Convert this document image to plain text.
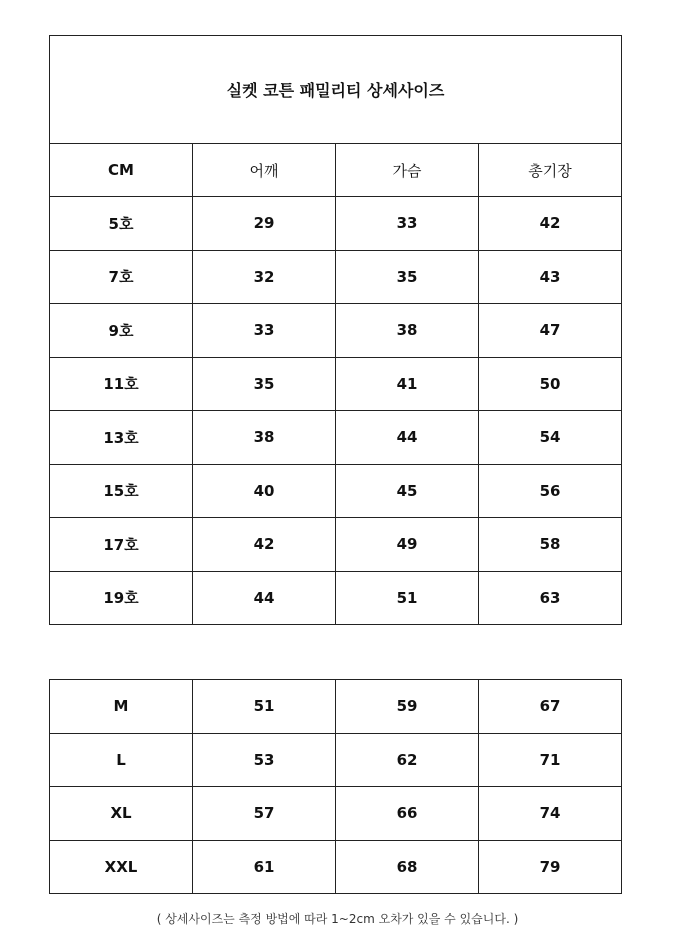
실켓 코튼 패밀리티 상세사이즈			
CM	어깨	가슴	총기장
5호	29	33	42
7호	32	35	43
9호	33	38	47
11호	35	41	50
13호	38	44	54
15호	40	45	56
17호	42	49	58
19호	44	51	63
M	51	59	67
L	53	62	71
XL	57	66	74
XXL	61	68	79
( 상세사이즈는 측정 방법에 따라 1~2cm 오차가 있을 수 있습니다. )
